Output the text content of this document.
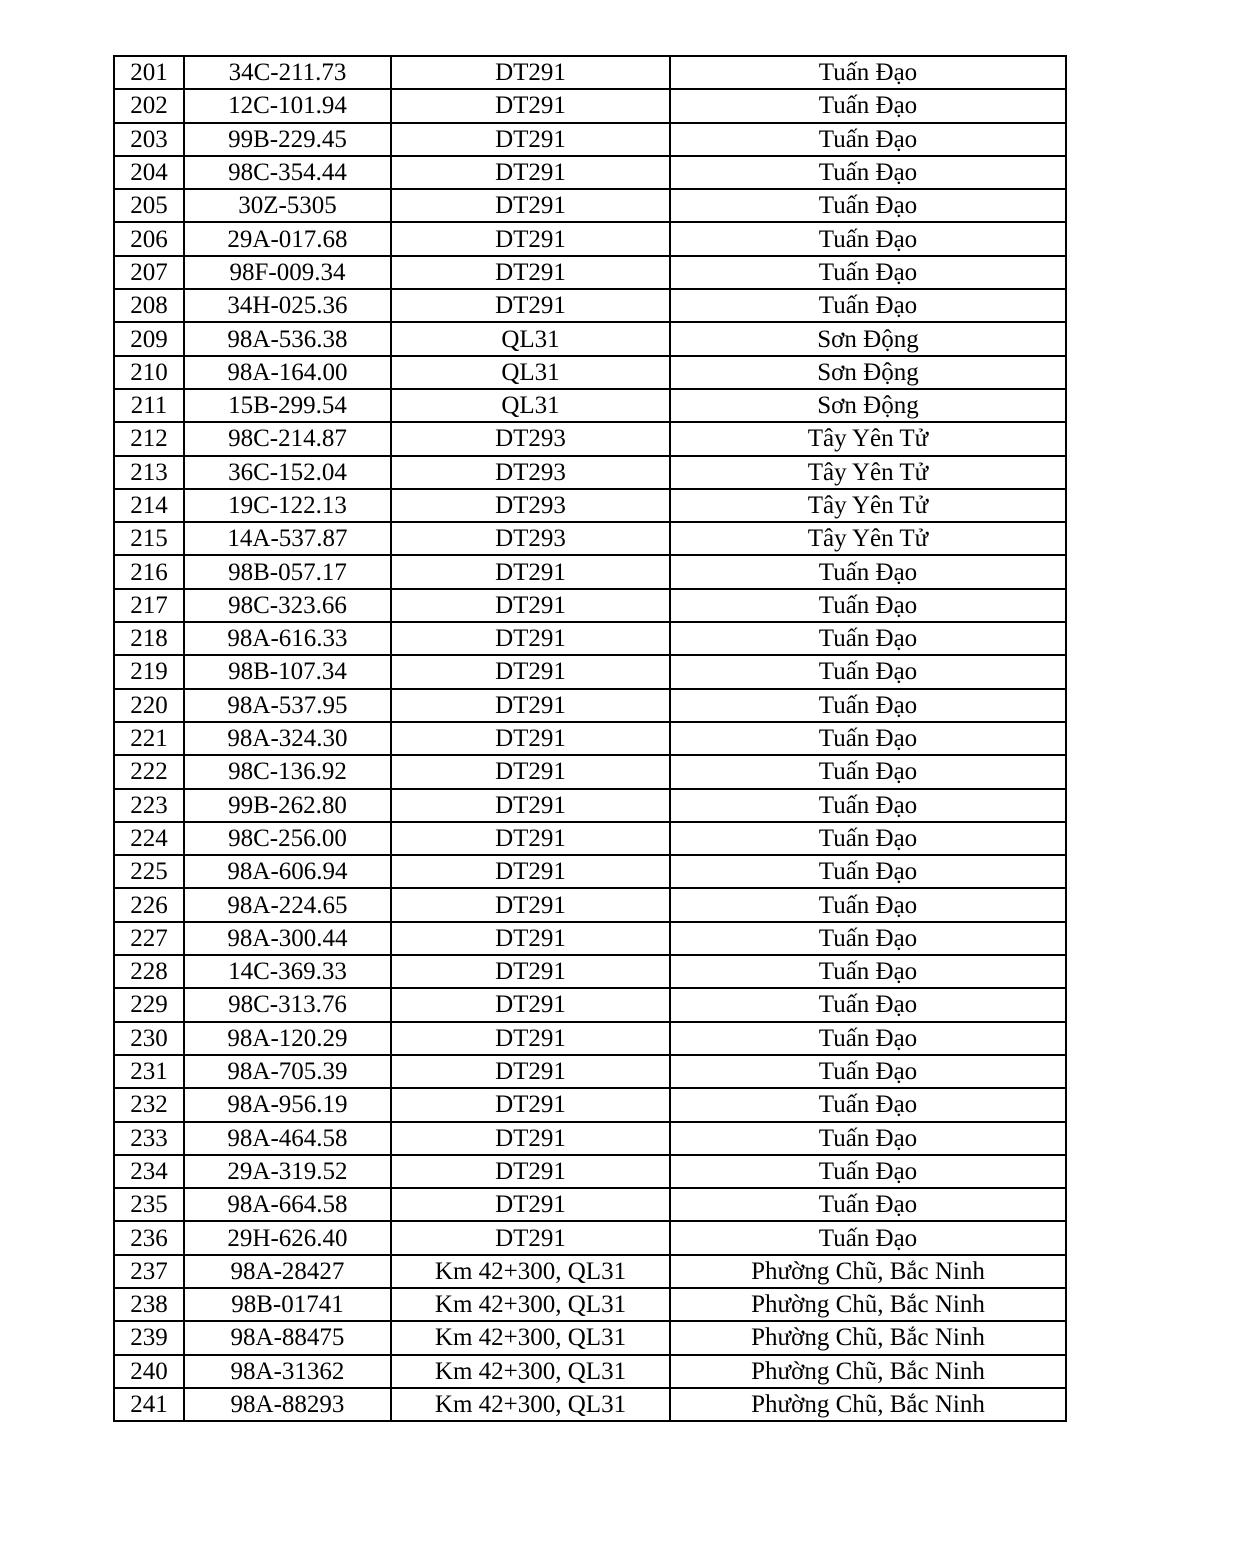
201	34C-211.73	DT291	Tuấn Đạo
202	12C-101.94	DT291	Tuấn Đạo
203	99B-229.45	DT291	Tuấn Đạo
204	98C-354.44	DT291	Tuấn Đạo
205	30Z-5305	DT291	Tuấn Đạo
206	29A-017.68	DT291	Tuấn Đạo
207	98F-009.34	DT291	Tuấn Đạo
208	34H-025.36	DT291	Tuấn Đạo
209	98A-536.38	QL31	Sơn Động
210	98A-164.00	QL31	Sơn Động
211	15B-299.54	QL31	Sơn Động
212	98C-214.87	DT293	Tây Yên Tử
213	36C-152.04	DT293	Tây Yên Tử
214	19C-122.13	DT293	Tây Yên Tử
215	14A-537.87	DT293	Tây Yên Tử
216	98B-057.17	DT291	Tuấn Đạo
217	98C-323.66	DT291	Tuấn Đạo
218	98A-616.33	DT291	Tuấn Đạo
219	98B-107.34	DT291	Tuấn Đạo
220	98A-537.95	DT291	Tuấn Đạo
221	98A-324.30	DT291	Tuấn Đạo
222	98C-136.92	DT291	Tuấn Đạo
223	99B-262.80	DT291	Tuấn Đạo
224	98C-256.00	DT291	Tuấn Đạo
225	98A-606.94	DT291	Tuấn Đạo
226	98A-224.65	DT291	Tuấn Đạo
227	98A-300.44	DT291	Tuấn Đạo
228	14C-369.33	DT291	Tuấn Đạo
229	98C-313.76	DT291	Tuấn Đạo
230	98A-120.29	DT291	Tuấn Đạo
231	98A-705.39	DT291	Tuấn Đạo
232	98A-956.19	DT291	Tuấn Đạo
233	98A-464.58	DT291	Tuấn Đạo
234	29A-319.52	DT291	Tuấn Đạo
235	98A-664.58	DT291	Tuấn Đạo
236	29H-626.40	DT291	Tuấn Đạo
237	98A-28427	Km 42+300, QL31	Phường Chũ, Bắc Ninh
238	98B-01741	Km 42+300, QL31	Phường Chũ, Bắc Ninh
239	98A-88475	Km 42+300, QL31	Phường Chũ, Bắc Ninh
240	98A-31362	Km 42+300, QL31	Phường Chũ, Bắc Ninh
241	98A-88293	Km 42+300, QL31	Phường Chũ, Bắc Ninh
